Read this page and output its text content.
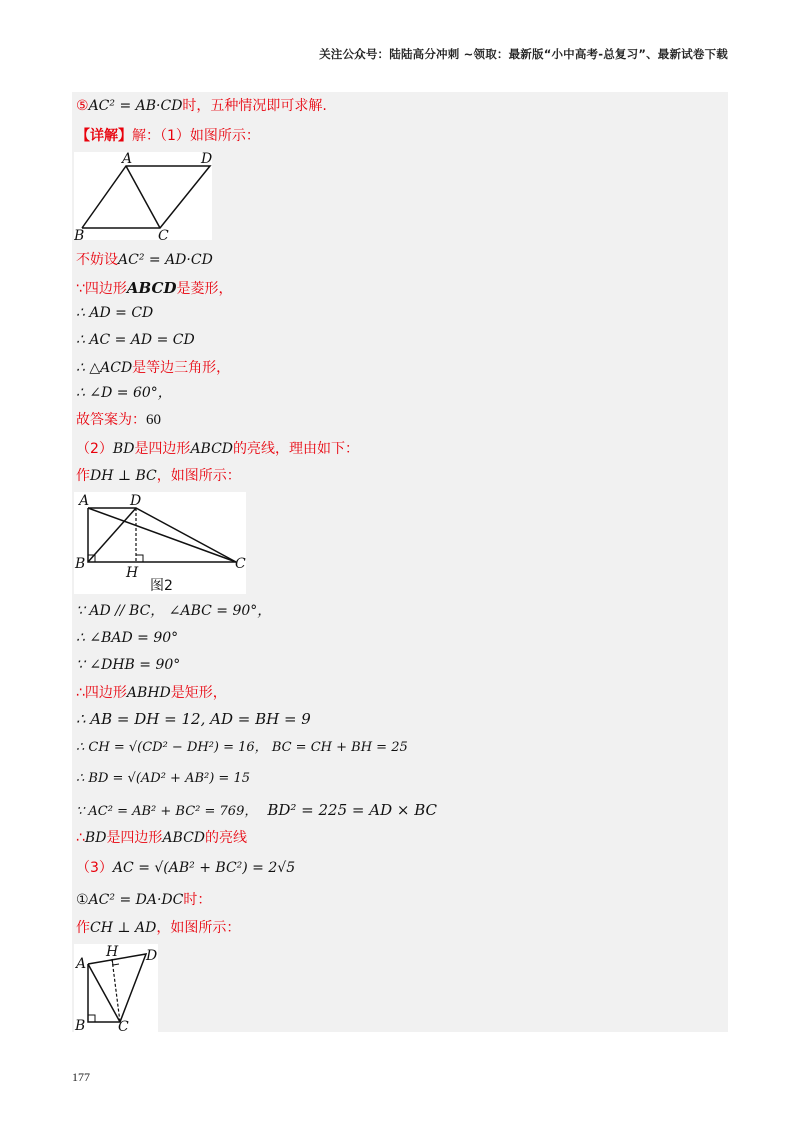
关注公众号：陆陆高分冲刺 ~领取：最新版“小中高考-总复习”、最新试卷下载
⑤AC² = AB·CD时，五种情况即可求解.
【详解】解：（1）如图所示：
A	D
B	C
不妨设AC² = AD·CD
∵四边形ABCD是菱形，
∴ AD = CD
∴ AC = AD = CD
∴ △ACD是等边三角形，
∴ ∠D = 60°，
故答案为：60
（2）BD是四边形ABCD的亮线，理由如下：
作DH ⊥ BC，如图所示：
A	D
B	C
H
图2
∵ AD // BC， ∠ABC = 90°，
∴ ∠BAD = 90°
∵ ∠DHB = 90°
∴四边形ABHD是矩形，
∴ AB = DH = 12, AD = BH = 9
∴ CH = √(CD² − DH²) = 16， BC = CH + BH = 25
∴ BD = √(AD² + AB²) = 15
∵ AC² = AB² + BC² = 769， BD² = 225 = AD × BC
∴BD是四边形ABCD的亮线
（3）AC = √(AB² + BC²) = 2√5
①AC² = DA·DC时：
作CH ⊥ AD，如图所示：
A
H D
B C
177
